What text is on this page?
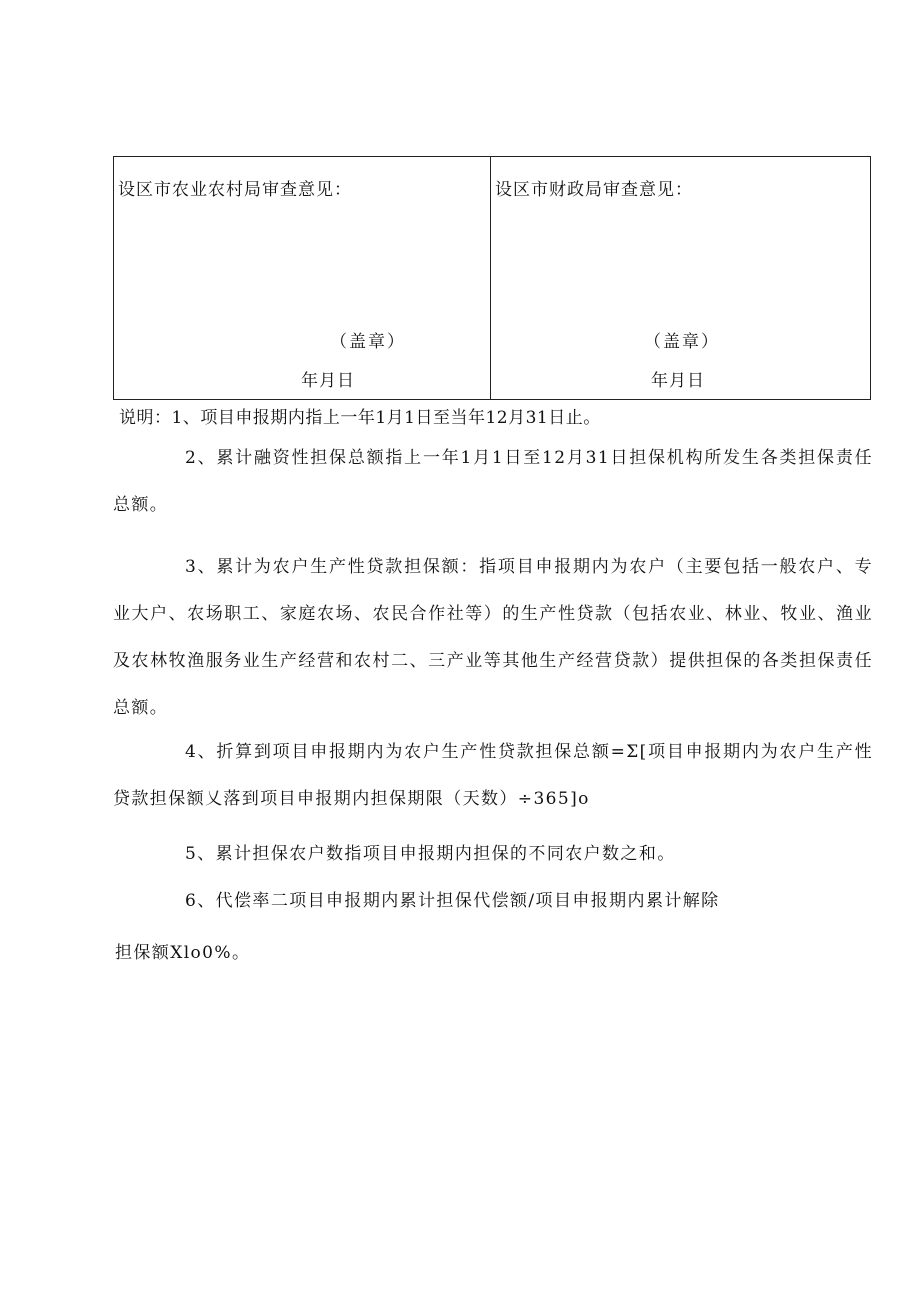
设区市农业农村局审查意见：
（盖章）
年月日
设区市财政局审查意见：
（盖章）
年月日
说明：1、项目申报期内指上一年1月1日至当年12月31日止。
2、累计融资性担保总额指上一年1月1日至12月31日担保机构所发生各类担保责任总额。
3、累计为农户生产性贷款担保额：指项目申报期内为农户（主要包括一般农户、专业大户、农场职工、家庭农场、农民合作社等）的生产性贷款（包括农业、林业、牧业、渔业及农林牧渔服务业生产经营和农村二、三产业等其他生产经营贷款）提供担保的各类担保责任总额。
4、折算到项目申报期内为农户生产性贷款担保总额=Σ[项目申报期内为农户生产性贷款担保额乂落到项目申报期内担保期限（天数）÷365]o
5、累计担保农户数指项目申报期内担保的不同农户数之和。
6、代偿率二项目申报期内累计担保代偿额/项目申报期内累计解除
担保额Xlo0%。
